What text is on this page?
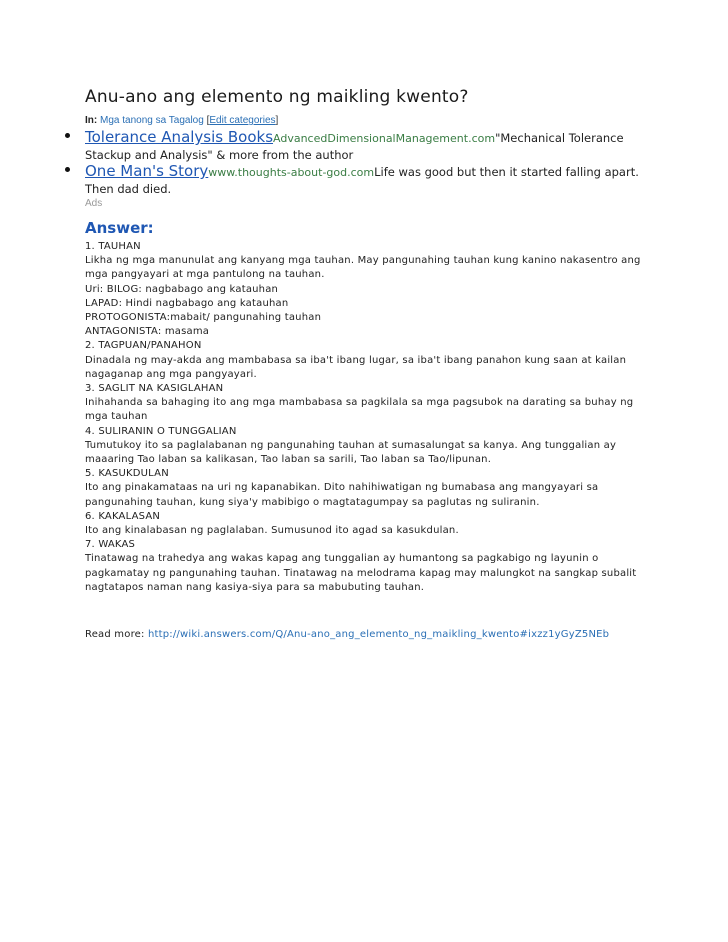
Anu-ano ang elemento ng maikling kwento?
In: Mga tanong sa Tagalog [Edit categories]
Tolerance Analysis BooksAdvancedDimensionalManagement.com"Mechanical Tolerance Stackup and Analysis" & more from the author
One Man's Storywww.thoughts-about-god.comLife was good but then it started falling apart. Then dad died.
Ads
Answer:
1. TAUHAN
Likha ng mga manunulat ang kanyang mga tauhan. May pangunahing tauhan kung kanino nakasentro ang mga pangyayari at mga pantulong na tauhan.
Uri: BILOG: nagbabago ang katauhan
LAPAD: Hindi nagbabago ang katauhan
PROTOGONISTA:mabait/ pangunahing tauhan
ANTAGONISTA: masama
2. TAGPUAN/PANAHON
Dinadala ng may-akda ang mambabasa sa iba't ibang lugar, sa iba't ibang panahon kung saan at kailan nagaganap ang mga pangyayari.
3. SAGLIT NA KASIGLAHAN
Inihahanda sa bahaging ito ang mga mambabasa sa pagkilala sa mga pagsubok na darating sa buhay ng mga tauhan
4. SULIRANIN O TUNGGALIAN
Tumutukoy ito sa paglalabanan ng pangunahing tauhan at sumasalungat sa kanya. Ang tunggalian ay maaaring Tao laban sa kalikasan, Tao laban sa sarili, Tao laban sa Tao/lipunan.
5. KASUKDULAN
Ito ang pinakamataas na uri ng kapanabikan. Dito nahihiwatigan ng bumabasa ang mangyayari sa pangunahing tauhan, kung siya'y mabibigo o magtatagumpay sa paglutas ng suliranin.
6. KAKALASAN
Ito ang kinalabasan ng paglalaban. Sumusunod ito agad sa kasukdulan.
7. WAKAS
Tinatawag na trahedya ang wakas kapag ang tunggalian ay humantong sa pagkabigo ng layunin o pagkamatay ng pangunahing tauhan. Tinatawag na melodrama kapag may malungkot na sangkap subalit nagtatapos naman nang kasiya-siya para sa mabubuting tauhan.
Read more: http://wiki.answers.com/Q/Anu-ano_ang_elemento_ng_maikling_kwento#ixzz1yGyZ5NEb
